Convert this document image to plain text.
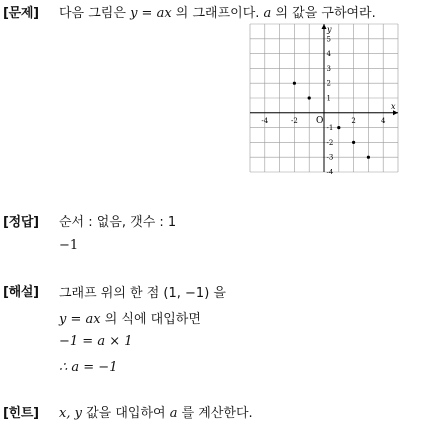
[문제] 다음 그림은 y = ax 의 그래프이다. a 의 값을 구하여라.
x
y
O
-4	-2	2	4
5
4
3
2
1
-1
-2
-3
-4
[정답] 순서 : 없음, 갯수 : 1
−1
[해설] 그래프 위의 한 점 (1, −1) 을
y = ax 의 식에 대입하면
−1 = a × 1
∴ a = −1
[힌트] x, y 값을 대입하여 a 를 계산한다.
